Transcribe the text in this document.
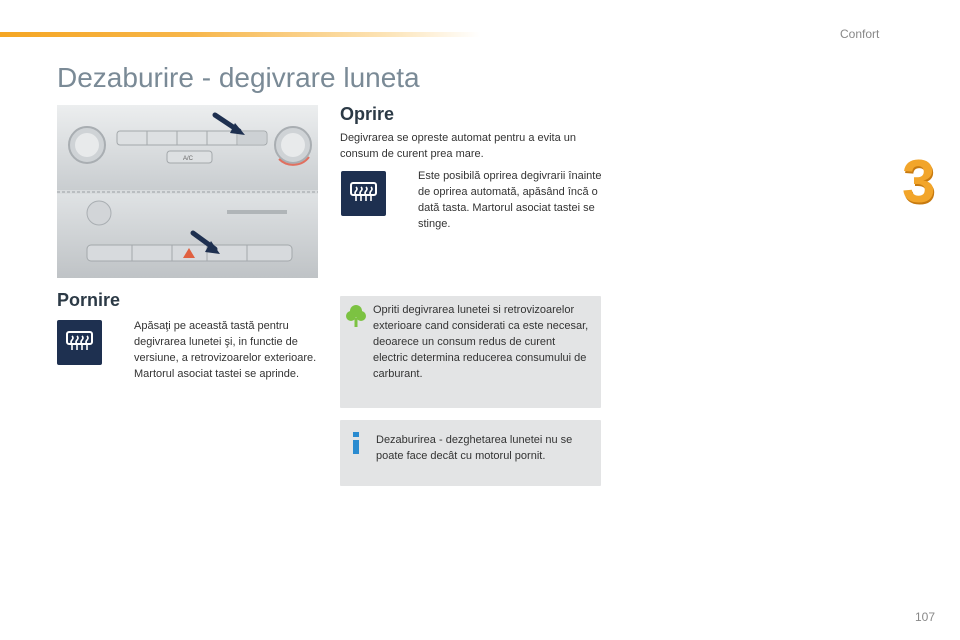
Confort
3
Dezaburire - degivrare luneta
A/C
Oprire
Degivrarea se opreste automat pentru a evita un consum de curent prea mare.
Este posibilă oprirea degivrarii înainte de oprirea automată, apăsând încă o dată tasta. Martorul asociat tastei se stinge.
Pornire
Apăsaţi pe această tastă pentru degivrarea lunetei şi, in functie de versiune, a retrovizoarelor exterioare. Martorul asociat tastei se aprinde.
Opriti degivrarea lunetei si retrovizoarelor exterioare cand considerati ca este necesar, deoarece un consum redus de curent electric determina reducerea consumului de carburant.
Dezaburirea - dezghetarea lunetei nu se poate face decât cu motorul pornit.
107
